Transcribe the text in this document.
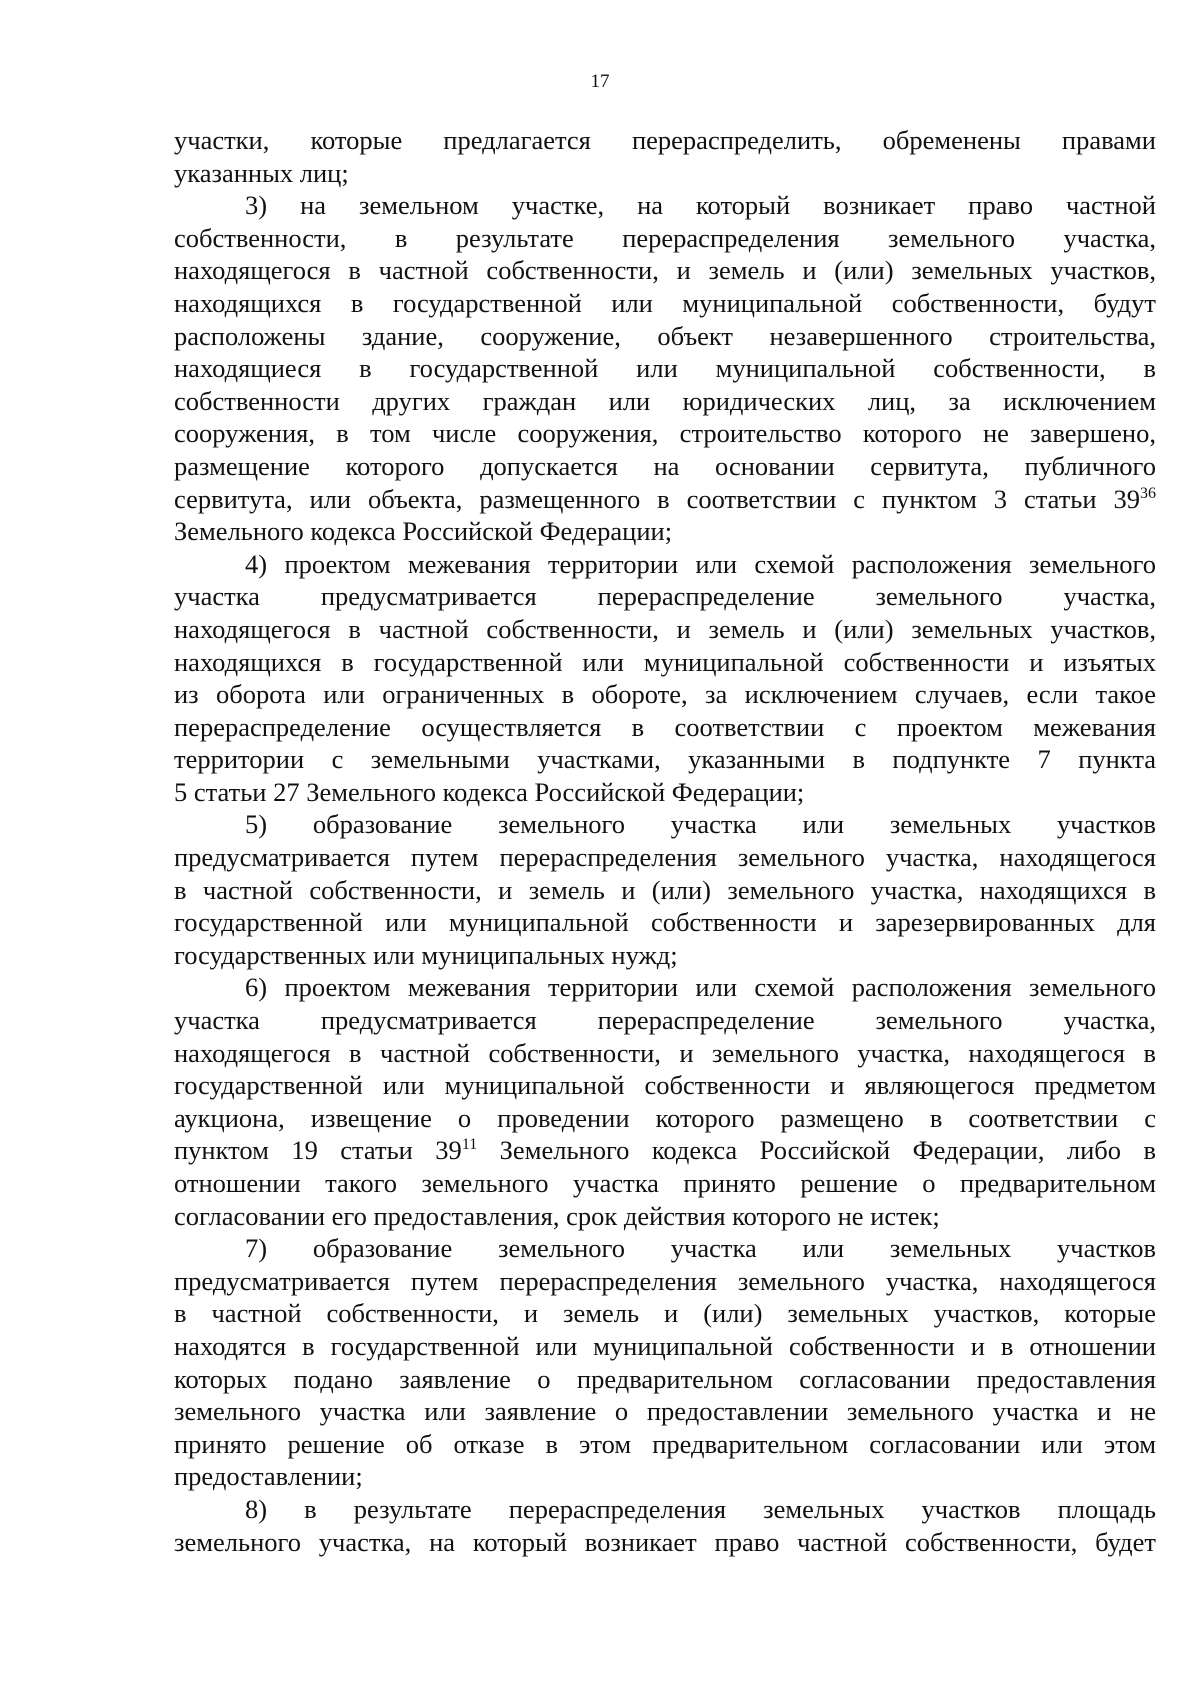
17
участки, которые предлагается перераспределить, обременены правами
указанных лиц;
3) на земельном участке, на который возникает право частной
собственности, в результате перераспределения земельного участка,
находящегося в частной собственности, и земель и (или) земельных участков,
находящихся в государственной или муниципальной собственности, будут
расположены здание, сооружение, объект незавершенного строительства,
находящиеся в государственной или муниципальной собственности, в
собственности других граждан или юридических лиц, за исключением
сооружения, в том числе сооружения, строительство которого не завершено,
размещение которого допускается на основании сервитута, публичного
сервитута, или объекта, размещенного в соответствии с пунктом 3 статьи $39^{36}$
Земельного кодекса Российской Федерации;
4) проектом межевания территории или схемой расположения земельного
участка предусматривается перераспределение земельного участка,
находящегося в частной собственности, и земель и (или) земельных участков,
находящихся в государственной или муниципальной собственности и изъятых
из оборота или ограниченных в обороте, за исключением случаев, если такое
перераспределение осуществляется в соответствии с проектом межевания
территории с земельными участками, указанными в подпункте 7 пункта
5 статьи 27 Земельного кодекса Российской Федерации;
5) образование земельного участка или земельных участков
предусматривается путем перераспределения земельного участка, находящегося
в частной собственности, и земель и (или) земельного участка, находящихся в
государственной или муниципальной собственности и зарезервированных для
государственных или муниципальных нужд;
6) проектом межевания территории или схемой расположения земельного
участка предусматривается перераспределение земельного участка,
находящегося в частной собственности, и земельного участка, находящегося в
государственной или муниципальной собственности и являющегося предметом
аукциона, извещение о проведении которого размещено в соответствии с
пунктом 19 статьи $39^{11}$ Земельного кодекса Российской Федерации, либо в
отношении такого земельного участка принято решение о предварительном
согласовании его предоставления, срок действия которого не истек;
7) образование земельного участка или земельных участков
предусматривается путем перераспределения земельного участка, находящегося
в частной собственности, и земель и (или) земельных участков, которые
находятся в государственной или муниципальной собственности и в отношении
которых подано заявление о предварительном согласовании предоставления
земельного участка или заявление о предоставлении земельного участка и не
принято решение об отказе в этом предварительном согласовании или этом
предоставлении;
8) в результате перераспределения земельных участков площадь
земельного участка, на который возникает право частной собственности, будет
